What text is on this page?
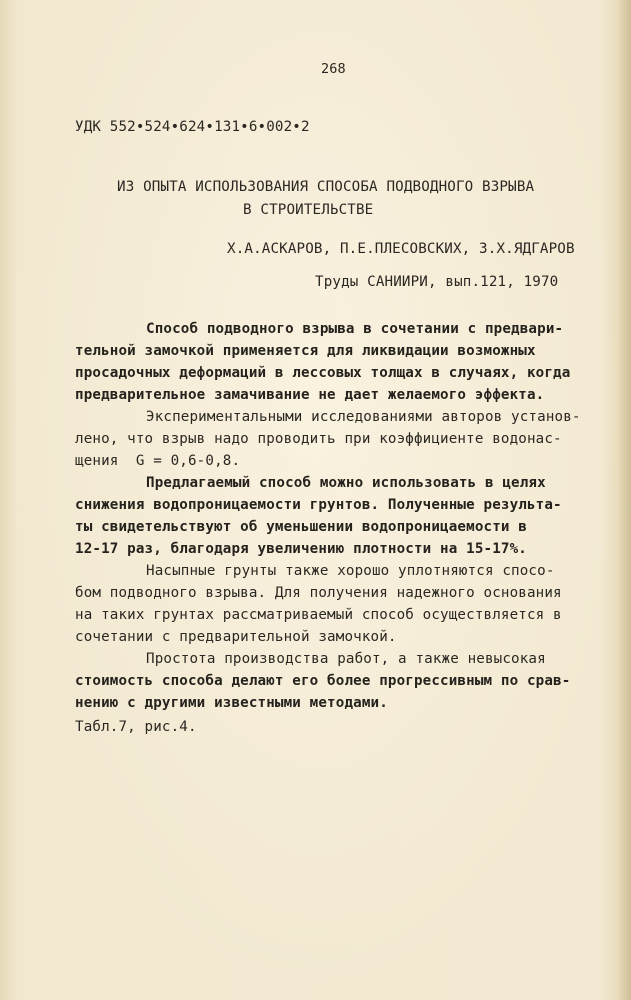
268
УДК 552•524•624•131•6•002•2
ИЗ ОПЫТА ИСПОЛЬЗОВАНИЯ СПОСОБА ПОДВОДНОГО ВЗРЫВА
В СТРОИТЕЛЬСТВЕ
Х.А.АСКАРОВ, П.Е.ПЛЕСОВСКИХ, З.Х.ЯДГАРОВ
Труды САНИИРИ, вып.121, 1970
Способ подводного взрыва в сочетании с предвари-
тельной замочкой применяется для ликвидации возможных
просадочных деформаций в лессовых толщах в случаях, когда
предварительное замачивание не дает желаемого эффекта.
Экспериментальными исследованиями авторов установ-
лено, что взрыв надо проводить при коэффициенте водонас-
щения  G = 0,6-0,8.
Предлагаемый способ можно использовать в целях
снижения водопроницаемости грунтов. Полученные результа-
ты свидетельствуют об уменьшении водопроницаемости в
12-17 раз, благодаря увеличению плотности на 15-17%.
Насыпные грунты также хорошо уплотняются спосо-
бом подводного взрыва. Для получения надежного основания
на таких грунтах рассматриваемый способ осуществляется в
сочетании с предварительной замочкой.
Простота производства работ, а также невысокая
стоимость способа делают его более прогрессивным по срав-
нению с другими известными методами.
Табл.7, рис.4.
